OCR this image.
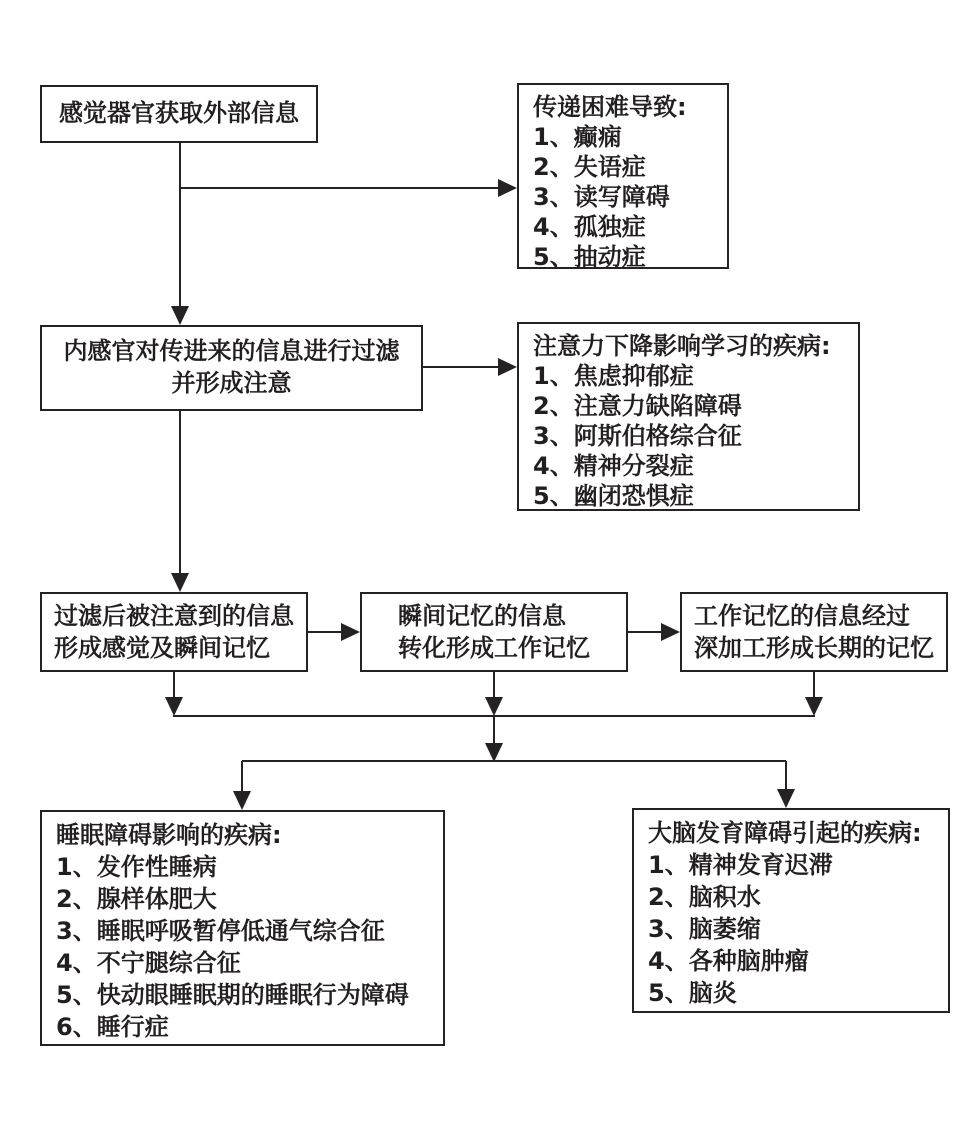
感觉器官获取外部信息	传递困难导致:
1、癫痫
2、失语症
3、读写障碍
4、孤独症
5、抽动症
内感官对传进来的信息进行过滤
并形成注意
注意力下降影响学习的疾病:
1、焦虑抑郁症
2、注意力缺陷障碍
3、阿斯伯格综合征
4、精神分裂症
5、幽闭恐惧症
过滤后被注意到的信息
形成感觉及瞬间记忆
瞬间记忆的信息
转化形成工作记忆
工作记忆的信息经过
深加工形成长期的记忆
睡眠障碍影响的疾病:
1、发作性睡病
2、腺样体肥大
3、睡眠呼吸暂停低通气综合征
4、不宁腿综合征
5、快动眼睡眠期的睡眠行为障碍
6、睡行症
大脑发育障碍引起的疾病:
1、精神发育迟滞
2、脑积水
3、脑萎缩
4、各种脑肿瘤
5、脑炎
